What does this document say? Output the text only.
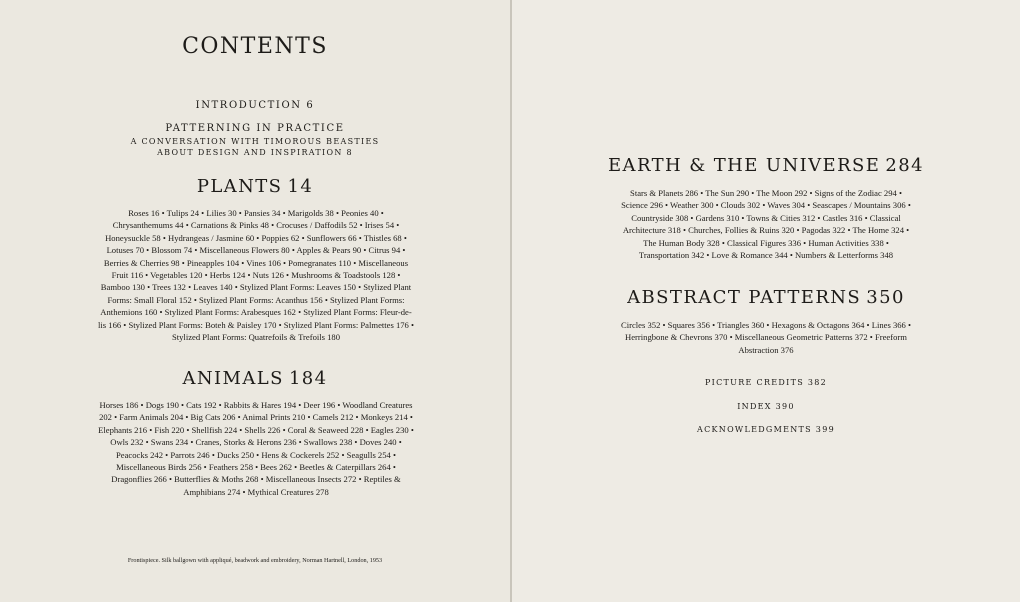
CONTENTS
INTRODUCTION 6
PATTERNING IN PRACTICE
A CONVERSATION WITH TIMOROUS BEASTIES
ABOUT DESIGN AND INSPIRATION 8
PLANTS 14

Roses 16 • Tulips 24 • Lilies 30 • Pansies 34 • Marigolds 38 • Peonies 40 • Chrysanthemums 44 • Carnations & Pinks 48 • Crocuses / Daffodils 52 • Irises 54 • Honeysuckle 58 • Hydrangeas / Jasmine 60 • Poppies 62 • Sunflowers 66 • Thistles 68 • Lotuses 70 • Blossom 74 • Miscellaneous Flowers 80 • Apples & Pears 90 • Citrus 94 • Berries & Cherries 98 • Pineapples 104 • Vines 106 • Pomegranates 110 • Miscellaneous Fruit 116 • Vegetables 120 • Herbs 124 • Nuts 126 • Mushrooms & Toadstools 128 • Bamboo 130 • Trees 132 • Leaves 140 • Stylized Plant Forms: Leaves 150 • Stylized Plant Forms: Small Floral 152 • Stylized Plant Forms: Acanthus 156 • Stylized Plant Forms: Anthemions 160 • Stylized Plant Forms: Arabesques 162 • Stylized Plant Forms: Fleur-de-lis 166 • Stylized Plant Forms: Boteh & Paisley 170 • Stylized Plant Forms: Palmettes 176 • Stylized Plant Forms: Quatrefoils & Trefoils 180

ANIMALS 184

Horses 186 • Dogs 190 • Cats 192 • Rabbits & Hares 194 • Deer 196 • Woodland Creatures 202 • Farm Animals 204 • Big Cats 206 • Animal Prints 210 • Camels 212 • Monkeys 214 • Elephants 216 • Fish 220 • Shellfish 224 • Shells 226 • Coral & Seaweed 228 • Eagles 230 • Owls 232 • Swans 234 • Cranes, Storks & Herons 236 • Swallows 238 • Doves 240 • Peacocks 242 • Parrots 246 • Ducks 250 • Hens & Cockerels 252 • Seagulls 254 • Miscellaneous Birds 256 • Feathers 258 • Bees 262 • Beetles & Caterpillars 264 • Dragonflies 266 • Butterflies & Moths 268 • Miscellaneous Insects 272 • Reptiles & Amphibians 274 • Mythical Creatures 278

Frontispiece. Silk ballgown with appliqué, beadwork and embroidery, Norman Hartnell, London, 1953
EARTH & THE UNIVERSE 284

Stars & Planets 286 • The Sun 290 • The Moon 292 • Signs of the Zodiac 294 • Science 296 • Weather 300 • Clouds 302 • Waves 304 • Seascapes / Mountains 306 • Countryside 308 • Gardens 310 • Towns & Cities 312 • Castles 316 • Classical Architecture 318 • Churches, Follies & Ruins 320 • Pagodas 322 • The Home 324 • The Human Body 328 • Classical Figures 336 • Human Activities 338 • Transportation 342 • Love & Romance 344 • Numbers & Letterforms 348

ABSTRACT PATTERNS 350

Circles 352 • Squares 356 • Triangles 360 • Hexagons & Octagons 364 • Lines 366 • Herringbone & Chevrons 370 • Miscellaneous Geometric Patterns 372 • Freeform Abstraction 376

PICTURE CREDITS 382
INDEX 390
ACKNOWLEDGMENTS 399
